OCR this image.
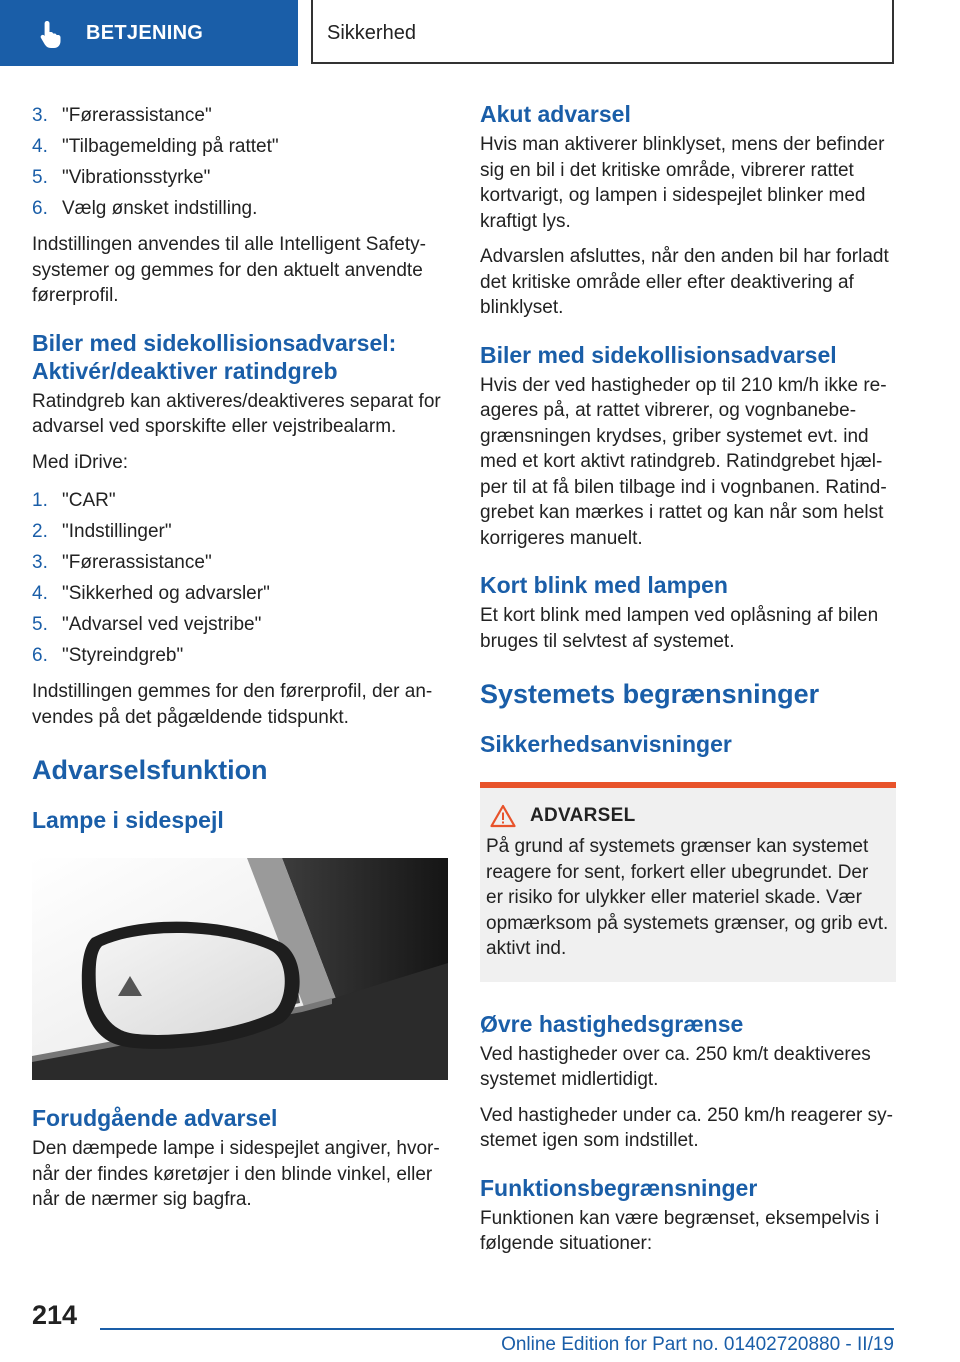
BETJENING	Sikkerhed
3. "Førerassistance"
4. "Tilbagemelding på rattet"
5. "Vibrationsstyrke"
6. Vælg ønsket indstilling.

Indstillingen anvendes til alle Intelligent Safety-systemer og gemmes for den aktuelt anvendte førerprofil.

Biler med sidekollisionsadvarsel: Aktivér/deaktiver ratindgreb

Ratindgreb kan aktiveres/deaktiveres separat for advarsel ved sporskifte eller vejstribealarm.

Med iDrive:

1. "CAR"
2. "Indstillinger"
3. "Førerassistance"
4. "Sikkerhed og advarsler"
5. "Advarsel ved vejstribe"
6. "Styreindgreb"

Indstillingen gemmes for den førerprofil, der an-vendes på det pågældende tidspunkt.

Advarselsfunktion
Lampe i sidespejl
Forudgående advarsel

Den dæmpede lampe i sidespejlet angiver, hvor-når der findes køretøjer i den blinde vinkel, eller når de nærmer sig bagfra.

Akut advarsel

Hvis man aktiverer blinklyset, mens der befinder sig en bil i det kritiske område, vibrerer rattet kortvarigt, og lampen i sidespejlet blinker med kraftigt lys.

Advarslen afsluttes, når den anden bil har forladt det kritiske område eller efter deaktivering af blinklyset.

Biler med sidekollisionsadvarsel

Hvis der ved hastigheder op til 210 km/h ikke re-ageres på, at rattet vibrerer, og vognbanebe-grænsningen krydses, griber systemet evt. ind med et kort aktivt ratindgreb. Ratindgrebet hjæl-per til at få bilen tilbage ind i vognbanen. Ratind-grebet kan mærkes i rattet og kan når som helst korrigeres manuelt.

Kort blink med lampen

Et kort blink med lampen ved oplåsning af bilen bruges til selvtest af systemet.

Systemets begrænsninger
Sikkerhedsanvisninger
ADVARSEL

På grund af systemets grænser kan systemet reagere for sent, forkert eller ubegrundet. Der er risiko for ulykker eller materiel skade. Vær opmærksom på systemets grænser, og grib evt. aktivt ind.

Øvre hastighedsgrænse

Ved hastigheder over ca. 250 km/t deaktiveres systemet midlertidigt.

Ved hastigheder under ca. 250 km/h reagerer sy-stemet igen som indstillet.

Funktionsbegrænsninger

Funktionen kan være begrænset, eksempelvis i følgende situationer:

214
Online Edition for Part no. 01402720880 - II/19
